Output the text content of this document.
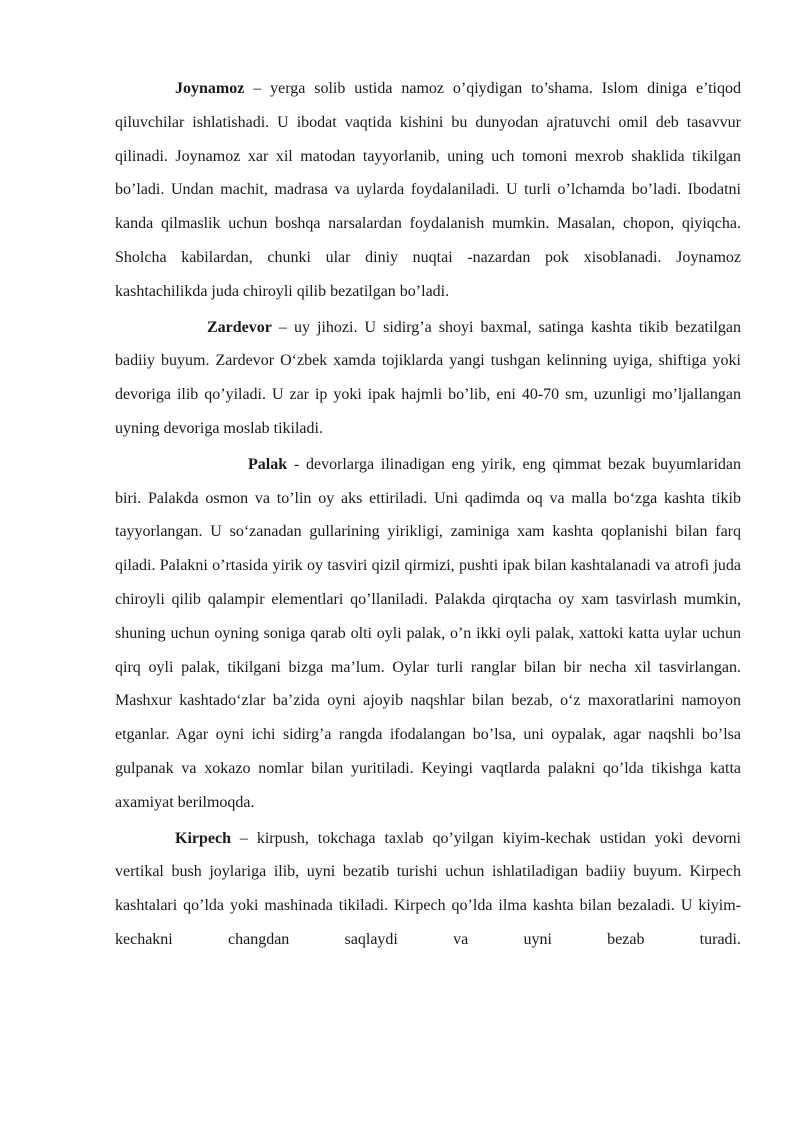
Joynamoz – yerga solib ustida namoz o’qiydigan to’shama. Islom diniga e’tiqod qiluvchilar ishlatishadi. U ibodat vaqtida kishini bu dunyodan ajratuvchi omil deb tasavvur qilinadi. Joynamoz xar xil matodan tayyorlanib, uning uch tomoni mexrob shaklida tikilgan bo’ladi. Undan machit, madrasa va uylarda foydalaniladi. U turli o’lchamda bo’ladi. Ibodatni kanda qilmaslik uchun boshqa narsalardan foydalanish mumkin. Masalan, chopon, qiyiqcha. Sholcha kabilardan, chunki ular diniy nuqtai -nazardan pok xisoblanadi. Joynamoz kashtachilikda juda chiroyli qilib bezatilgan bo’ladi.

Zardevor – uy jihozi. U sidirg’a shoyi baxmal, satinga kashta tikib bezatilgan badiiy buyum. Zardevor O‘zbek xamda tojiklarda yangi tushgan kelinning uyiga, shiftiga yoki devoriga ilib qo’yiladi. U zar ip yoki ipak hajmli bo’lib, eni 40-70 sm, uzunligi mo’ljallangan uyning devoriga moslab tikiladi.

Palak - devorlarga ilinadigan eng yirik, eng qimmat bezak buyumlaridan biri. Palakda osmon va to’lin oy aks ettiriladi. Uni qadimda oq va malla bo‘zga kashta tikib tayyorlangan. U so‘zanadan gullarining yirikligi, zaminiga xam kashta qoplanishi bilan farq qiladi. Palakni o’rtasida yirik oy tasviri qizil qirmizi, pushti ipak bilan kashtalanadi va atrofi juda chiroyli qilib qalampir elementlari qo’llaniladi. Palakda qirqtacha oy xam tasvirlash mumkin, shuning uchun oyning soniga qarab olti oyli palak, o’n ikki oyli palak, xattoki katta uylar uchun qirq oyli palak, tikilgani bizga ma’lum. Oylar turli ranglar bilan bir necha xil tasvirlangan. Mashxur kashtado‘zlar ba’zida oyni ajoyib naqshlar bilan bezab, o‘z maxoratlarini namoyon etganlar. Agar oyni ichi sidirg’a rangda ifodalangan bo’lsa, uni oypalak, agar naqshli bo’lsa gulpanak va xokazo nomlar bilan yuritiladi. Keyingi vaqtlarda palakni qo’lda tikishga katta axamiyat berilmoqda.

Kirpech – kirpush, tokchaga taxlab qo’yilgan kiyim-kechak ustidan yoki devorni vertikal bush joylariga ilib, uyni bezatib turishi uchun ishlatiladigan badiiy buyum. Kirpech kashtalari qo’lda yoki mashinada tikiladi. Kirpech qo’lda ilma kashta bilan bezaladi. U kiyim-kechakni changdan saqlaydi va uyni bezab turadi.
